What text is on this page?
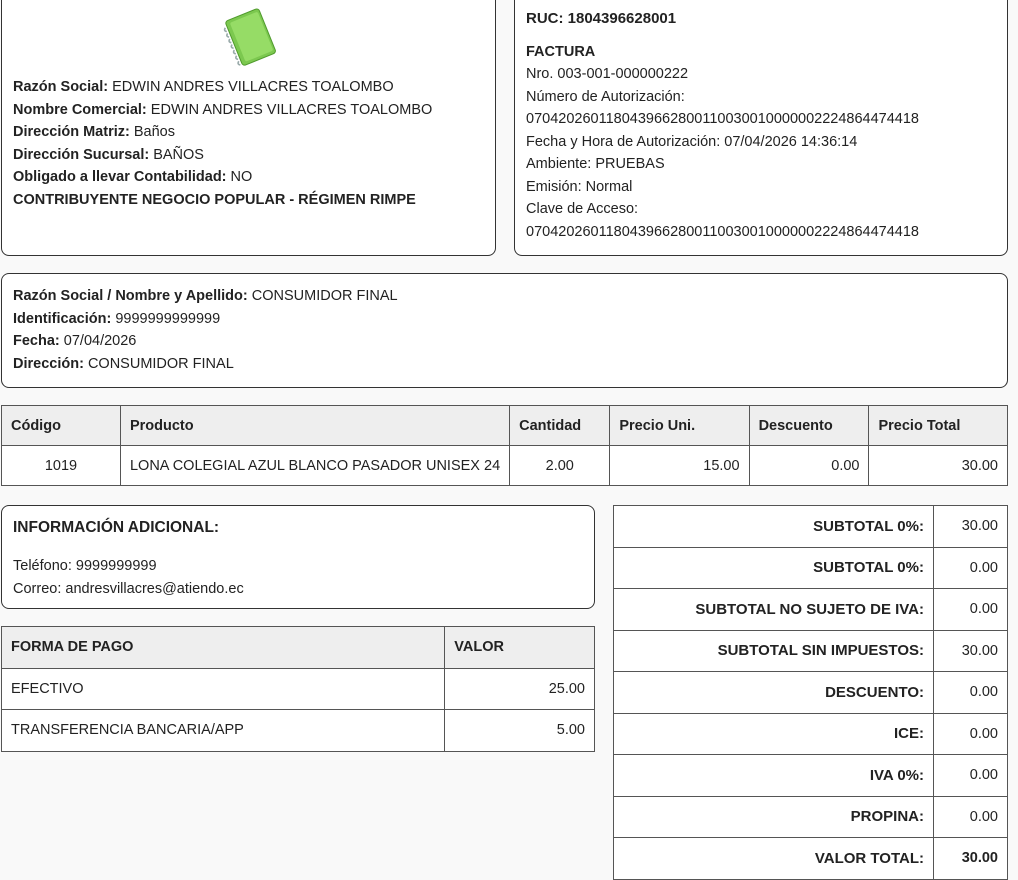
Razón Social: EDWIN ANDRES VILLACRES TOALOMBO
Nombre Comercial: EDWIN ANDRES VILLACRES TOALOMBO
Dirección Matriz: Baños
Dirección Sucursal: BAÑOS
Obligado a llevar Contabilidad: NO
CONTRIBUYENTE NEGOCIO POPULAR - RÉGIMEN RIMPE
RUC: 1804396628001
FACTURA
Nro. 003-001-000000222
Número de Autorización:
0704202601180439662800110030010000002224864474418
Fecha y Hora de Autorización: 07/04/2026 14:36:14
Ambiente: PRUEBAS
Emisión: Normal
Clave de Acceso:
0704202601180439662800110030010000002224864474418
Razón Social / Nombre y Apellido: CONSUMIDOR FINAL
Identificación: 9999999999999
Fecha: 07/04/2026
Dirección: CONSUMIDOR FINAL
Código	Producto	Cantidad	Precio Uni.	Descuento	Precio Total
1019	LONA COLEGIAL AZUL BLANCO PASADOR UNISEX 24	2.00	15.00	0.00	30.00
INFORMACIÓN ADICIONAL:
Teléfono: 9999999999
Correo: andresvillacres@atiendo.ec
FORMA DE PAGO	VALOR
EFECTIVO	25.00
TRANSFERENCIA BANCARIA/APP	5.00
SUBTOTAL 0%:	30.00
SUBTOTAL 0%:	0.00
SUBTOTAL NO SUJETO DE IVA:	0.00
SUBTOTAL SIN IMPUESTOS:	30.00
DESCUENTO:	0.00
ICE:	0.00
IVA 0%:	0.00
PROPINA:	0.00
VALOR TOTAL:	30.00
